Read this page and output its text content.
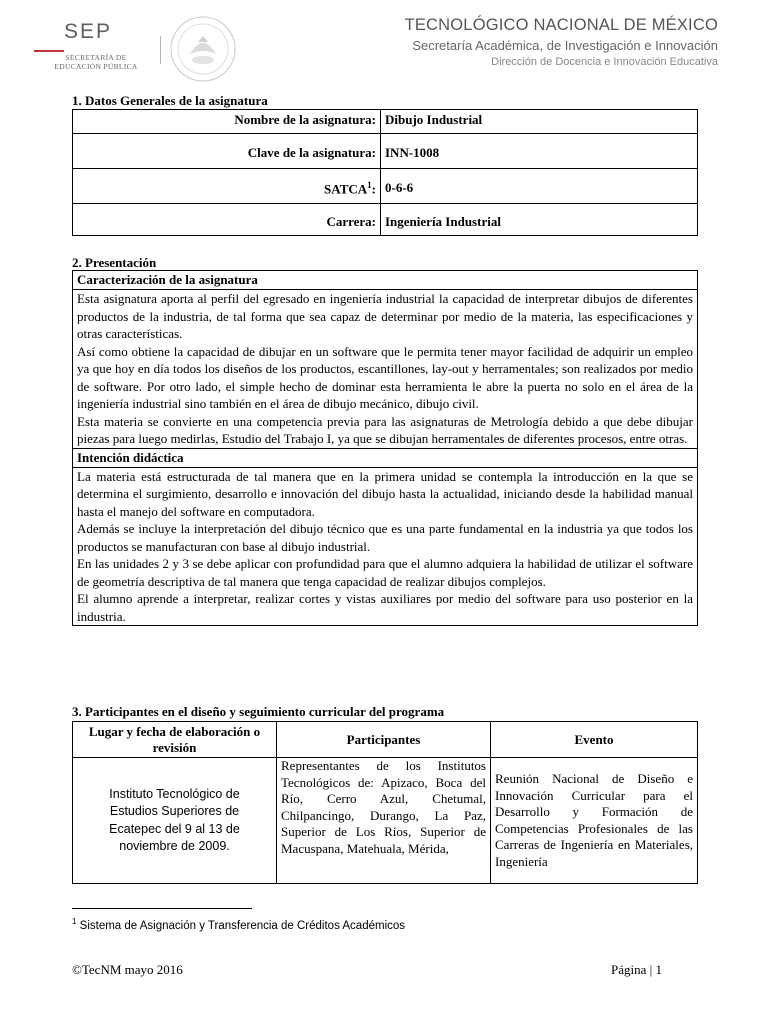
SEP
SECRETARÍA DE
EDUCACIÓN PÚBLICA
TECNOLÓGICO NACIONAL DE MÉXICO
Secretaría Académica, de Investigación e Innovación
Dirección de Docencia e Innovación Educativa
1. Datos Generales de la asignatura
Nombre de la asignatura:	Dibujo Industrial
Clave de la asignatura:	INN-1008
SATCA$^1$:	0-6-6
Carrera:	Ingeniería Industrial
2. Presentación
Caracterización de la asignatura

Esta asignatura aporta al perfil del egresado en ingeniería industrial la capacidad de interpretar dibujos de diferentes productos de la industria, de tal forma que sea capaz de determinar por medio de la materia, las especificaciones y otras características.

Así como obtiene la capacidad de dibujar en un software que le permita tener mayor facilidad de adquirir un empleo ya que hoy en día todos los diseños de los productos, escantillones, lay-out y herramentales; son realizados por medio de software. Por otro lado, el simple hecho de dominar esta herramienta le abre la puerta no solo en el área de la ingeniería industrial sino también en el área de dibujo mecánico, dibujo civil.

Esta materia se convierte en una competencia previa para las asignaturas de Metrología debido a que debe dibujar piezas para luego medirlas, Estudio del Trabajo I, ya que se dibujan herramentales de diferentes procesos, entre otras.

Intención didáctica

La materia está estructurada de tal manera que en la primera unidad se contempla la introducción en la que se determina el surgimiento, desarrollo e innovación del dibujo hasta la actualidad, iniciando desde la habilidad manual hasta el manejo del software en computadora.

Además se incluye la interpretación del dibujo técnico que es una parte fundamental en la industria ya que todos los productos se manufacturan con base al dibujo industrial.

En las unidades 2 y 3 se debe aplicar con profundidad para que el alumno adquiera la habilidad de utilizar el software de geometría descriptiva de tal manera que tenga capacidad de realizar dibujos complejos.

El alumno aprende a interpretar, realizar cortes y vistas auxiliares por medio del software para uso posterior en la industria.

3. Participantes en el diseño y seguimiento curricular del programa
Lugar y fecha de elaboración o revisión	Participantes	Evento
Instituto Tecnológico de Estudios Superiores de Ecatepec del 9 al 13 de noviembre de 2009.	Representantes de los Institutos Tecnológicos de: Apizaco, Boca del Río, Cerro Azul, Chetumal, Chilpancingo, Durango, La Paz, Superior de Los Ríos, Superior de Macuspana, Matehuala, Mérida,	Reunión Nacional de Diseño e Innovación Curricular para el Desarrollo y Formación de Competencias Profesionales de las Carreras de Ingeniería en Materiales, Ingeniería
$^1$ Sistema de Asignación y Transferencia de Créditos Académicos
©TecNM mayo 2016	Página | 1
